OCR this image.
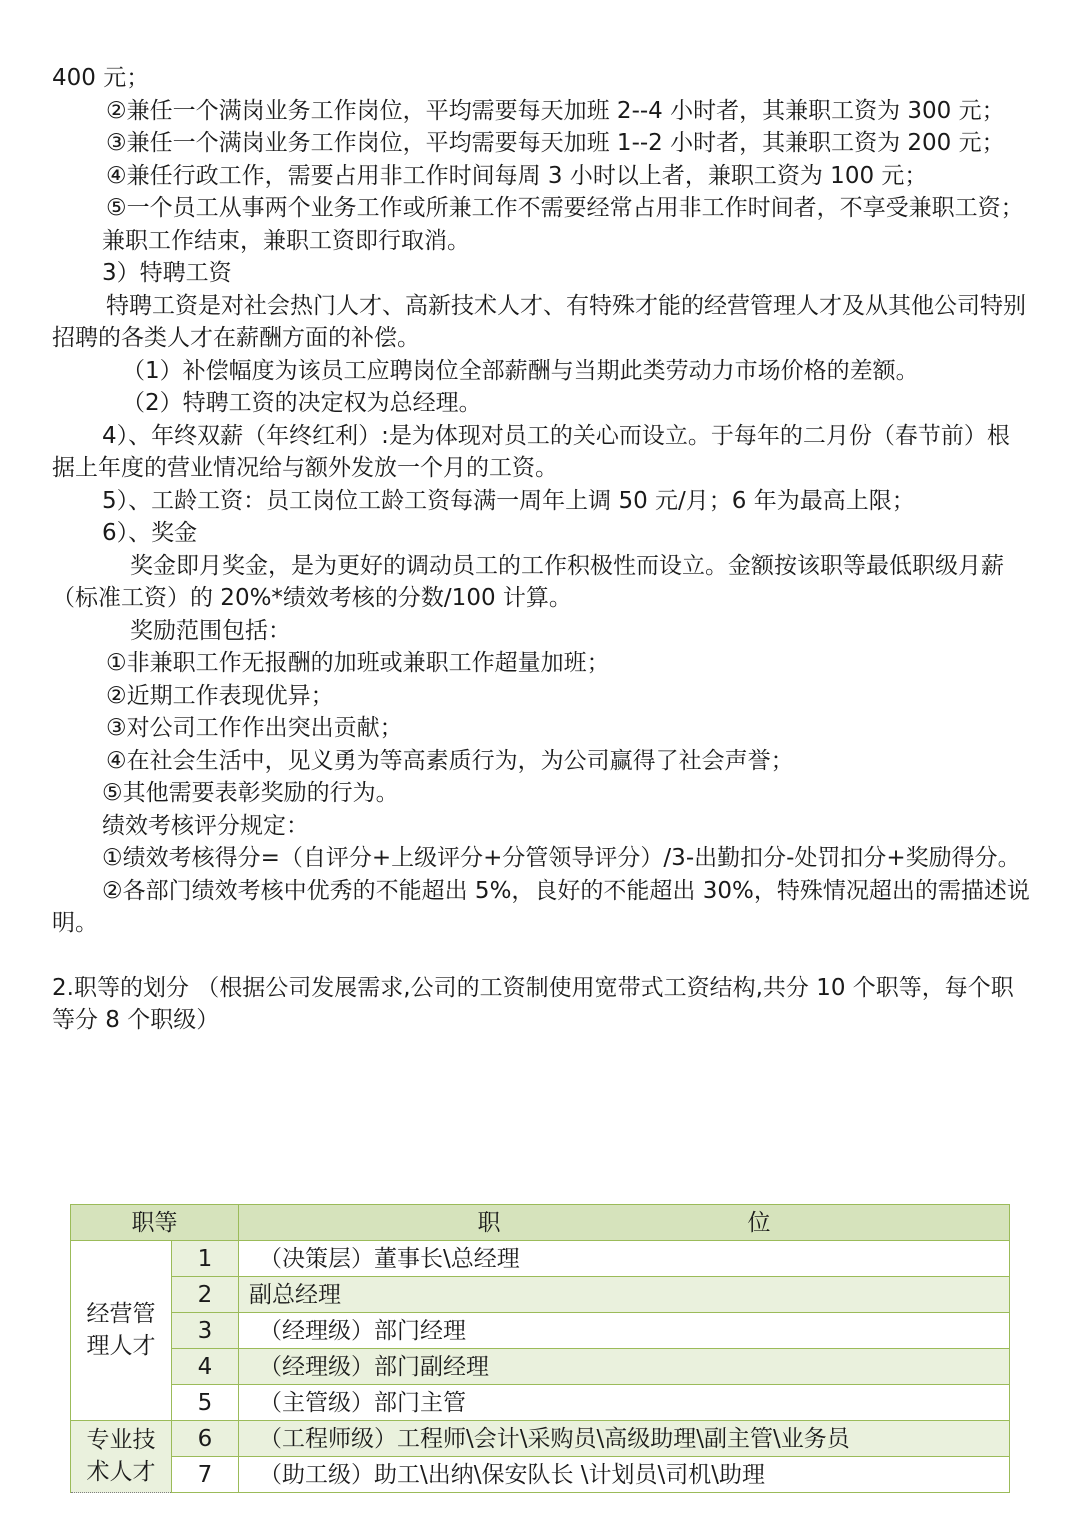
400 元；

②兼任一个满岗业务工作岗位，平均需要每天加班 2--4 小时者，其兼职工资为 300 元；

③兼任一个满岗业务工作岗位，平均需要每天加班 1--2 小时者，其兼职工资为 200 元；

④兼任行政工作，需要占用非工作时间每周 3 小时以上者，兼职工资为 100 元；

⑤一个员工从事两个业务工作或所兼工作不需要经常占用非工作时间者，不享受兼职工资；

兼职工作结束，兼职工资即行取消。

3）特聘工资

特聘工资是对社会热门人才、高新技术人才、有特殊才能的经营管理人才及从其他公司特别招聘的各类人才在薪酬方面的补偿。

（1）补偿幅度为该员工应聘岗位全部薪酬与当期此类劳动力市场价格的差额。

（2）特聘工资的决定权为总经理。

4）、年终双薪（年终红利）:是为体现对员工的关心而设立。于每年的二月份（春节前）根据上年度的营业情况给与额外发放一个月的工资。

5）、工龄工资：员工岗位工龄工资每满一周年上调 50 元/月；6 年为最高上限；

6）、奖金

奖金即月奖金，是为更好的调动员工的工作积极性而设立。金额按该职等最低职级月薪（标准工资）的 20%*绩效考核的分数/100 计算。

奖励范围包括：

①非兼职工作无报酬的加班或兼职工作超量加班；

②近期工作表现优异；

③对公司工作作出突出贡献；

④在社会生活中，见义勇为等高素质行为，为公司赢得了社会声誉；

⑤其他需要表彰奖励的行为。

绩效考核评分规定：

①绩效考核得分=（自评分+上级评分+分管领导评分）/3-出勤扣分-处罚扣分+奖励得分。

②各部门绩效考核中优秀的不能超出 5%，良好的不能超出 30%，特殊情况超出的需描述说明。

2.职等的划分 （根据公司发展需求,公司的工资制使用宽带式工资结构,共分 10 个职等，每个职等分 8 个职级）

职等		职 位
经营管理人才	1	（决策层）董事长\总经理
	2	副总经理
	3	（经理级）部门经理
	4	（经理级）部门副经理
	5	（主管级）部门主管
专业技术人才	6	（工程师级）工程师\会计\采购员\高级助理\副主管\业务员
	7	（助工级）助工\出纳\保安队长 \计划员\司机\助理
